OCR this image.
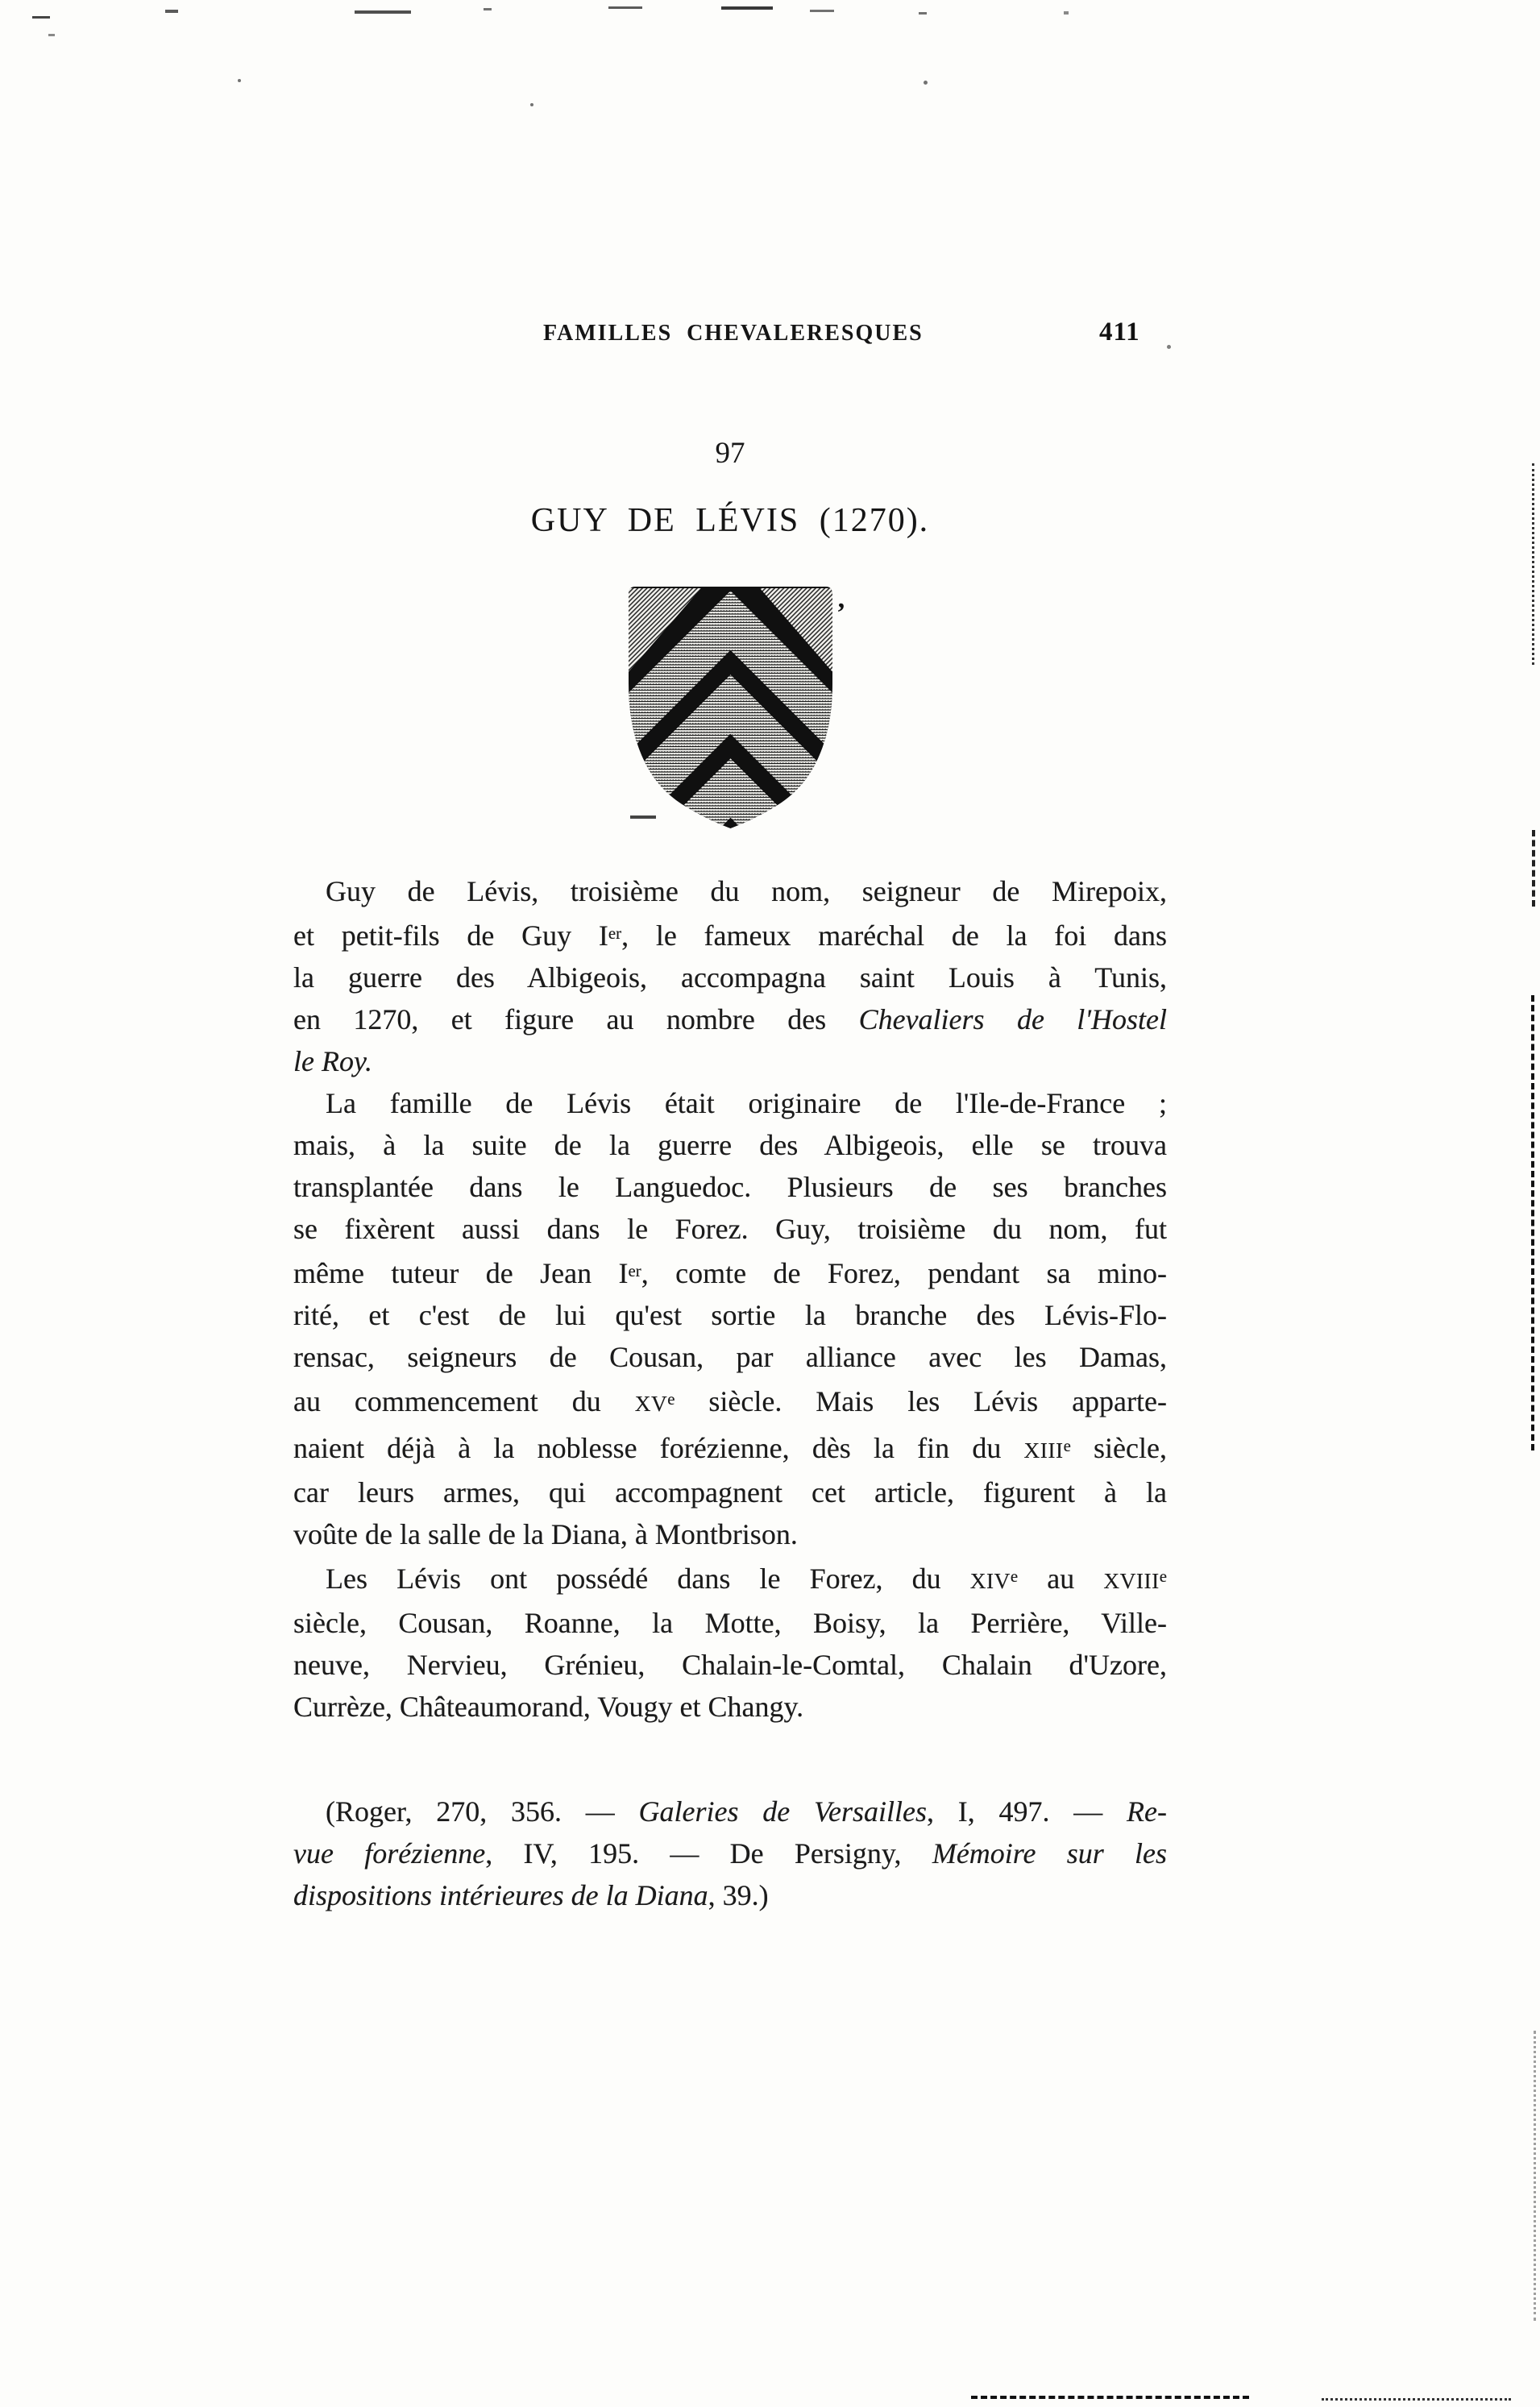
FAMILLES CHEVALERESQUES	411
97
GUY DE LÉVIS (1270).
Guy de Lévis, troisième du nom, seigneur de Mirepoix,
et petit-fils de Guy Ier, le fameux maréchal de la foi dans
la guerre des Albigeois, accompagna saint Louis à Tunis,
en 1270, et figure au nombre des Chevaliers de l'Hostel
le Roy.
La famille de Lévis était originaire de l'Ile-de-France ;
mais, à la suite de la guerre des Albigeois, elle se trouva
transplantée dans le Languedoc. Plusieurs de ses branches
se fixèrent aussi dans le Forez. Guy, troisième du nom, fut
même tuteur de Jean Ier, comte de Forez, pendant sa mino-
rité, et c'est de lui qu'est sortie la branche des Lévis-Flo-
rensac, seigneurs de Cousan, par alliance avec les Damas,
au commencement du XVe siècle. Mais les Lévis apparte-
naient déjà à la noblesse forézienne, dès la fin du XIIIe siècle,
car leurs armes, qui accompagnent cet article, figurent à la
voûte de la salle de la Diana, à Montbrison.
Les Lévis ont possédé dans le Forez, du XIVe au XVIIIe
siècle, Cousan, Roanne, la Motte, Boisy, la Perrière, Ville-
neuve, Nervieu, Grénieu, Chalain-le-Comtal, Chalain d'Uzore,
Currèze, Châteaumorand, Vougy et Changy.
(Roger, 270, 356. — Galeries de Versailles, I, 497. — Re-
vue forézienne, IV, 195. — De Persigny, Mémoire sur les
dispositions intérieures de la Diana, 39.)
’
